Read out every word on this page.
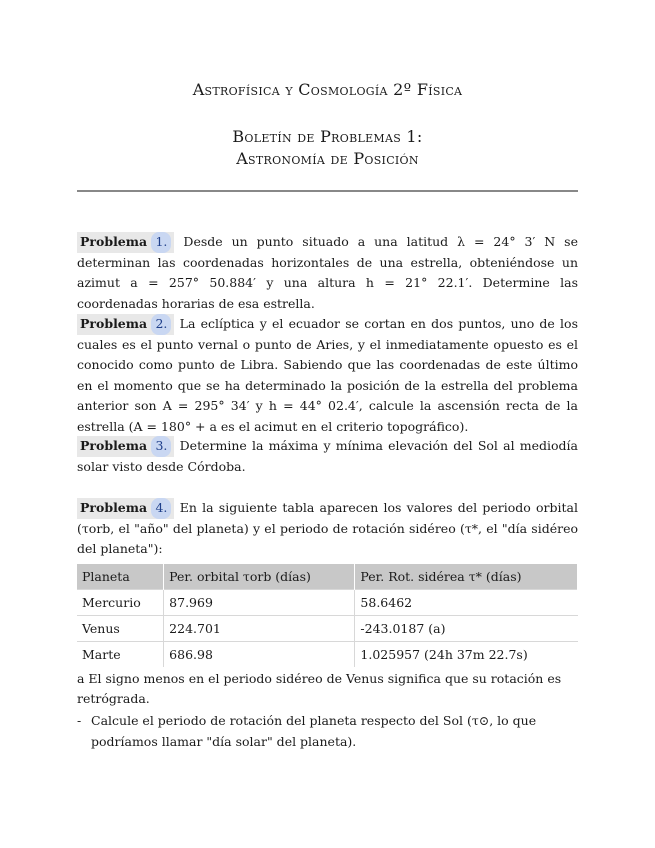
Astrofísica y Cosmología 2º Física
Boletín de Problemas 1:
Astronomía de Posición

Problema 1. Desde un punto situado a una latitud λ = 24° 3′ N se determinan las coordenadas horizontales de una estrella, obteniéndose un azimut a = 257° 50.884′ y una altura h = 21° 22.1′. Determine las coordenadas horarias de esa estrella.

Problema 2. La eclíptica y el ecuador se cortan en dos puntos, uno de los cuales es el punto vernal o punto de Aries, y el inmediatamente opuesto es el conocido como punto de Libra. Sabiendo que las coordenadas de este último en el momento que se ha determinado la posición de la estrella del problema anterior son A = 295° 34′ y h = 44° 02.4′, calcule la ascensión recta de la estrella (A = 180° + a es el acimut en el criterio topográfico).

Problema 3. Determine la máxima y mínima elevación del Sol al mediodía solar visto desde Córdoba.

Problema 4. En la siguiente tabla aparecen los valores del periodo orbital (τorb, el "año" del planeta) y el periodo de rotación sidéreo (τ*, el "día sidéreo del planeta"):

Planeta	Per. orbital τorb (días)	Per. Rot. sidérea τ* (días)
Mercurio	87.969	58.6462
Venus	224.701	-243.0187 (a)
Marte	686.98	1.025957 (24h 37m 22.7s)
a El signo menos en el periodo sidéreo de Venus significa que su rotación es retrógrada.
- Calcule el periodo de rotación del planeta respecto del Sol (τ⊙, lo que podríamos llamar "día solar" del planeta).
